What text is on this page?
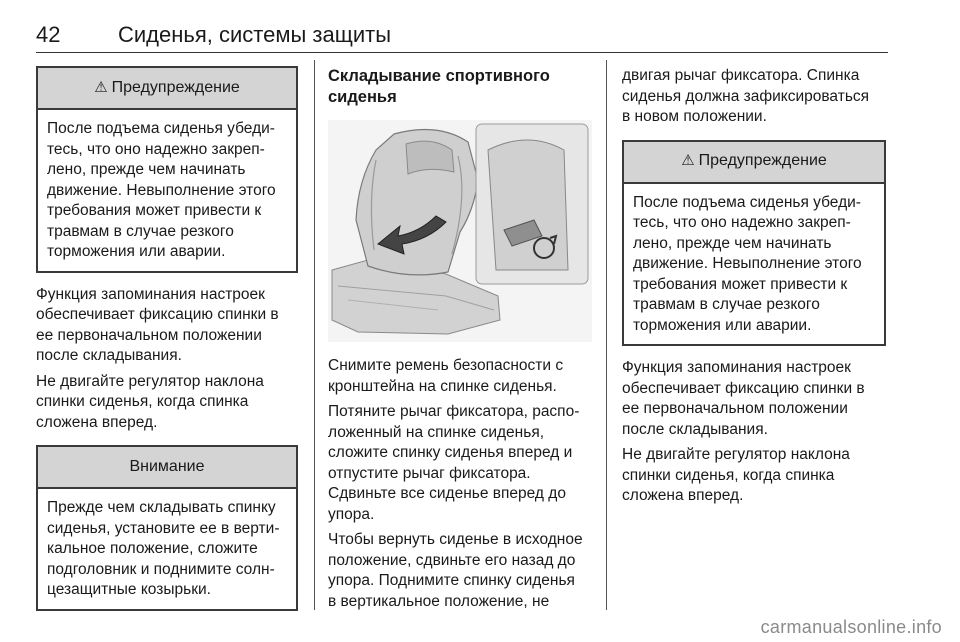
42	Сиденья, системы защиты
⚠ Предупреждение
После подъема сиденья убеди-
тесь, что оно надежно закреп-
лено, прежде чем начинать
движение. Невыполнение этого
требования может привести к
травмам в случае резкого
торможения или аварии.

Функция запоминания настроек
обеспечивает фиксацию спинки в
ее первоначальном положении
после складывания.

Не двигайте регулятор наклона
спинки сиденья, когда спинка
сложена вперед.

Внимание
Прежде чем складывать спинку
сиденья, установите ее в верти-
кальное положение, сложите
подголовник и поднимите солн-
цезащитные козырьки.
Складывание спортивного
сиденья

Снимите ремень безопасности с
кронштейна на спинке сиденья.

Потяните рычаг фиксатора, распо-
ложенный на спинке сиденья,
сложите спинку сиденья вперед и
отпустите рычаг фиксатора.
Сдвиньте все сиденье вперед до
упора.

Чтобы вернуть сиденье в исходное
положение, сдвиньте его назад до
упора. Поднимите спинку сиденья
в вертикальное положение, не

двигая рычаг фиксатора. Спинка
сиденья должна зафиксироваться
в новом положении.

⚠ Предупреждение
После подъема сиденья убеди-
тесь, что оно надежно закреп-
лено, прежде чем начинать
движение. Невыполнение этого
требования может привести к
травмам в случае резкого
торможения или аварии.

Функция запоминания настроек
обеспечивает фиксацию спинки в
ее первоначальном положении
после складывания.

Не двигайте регулятор наклона
спинки сиденья, когда спинка
сложена вперед.

carmanualsonline.info
